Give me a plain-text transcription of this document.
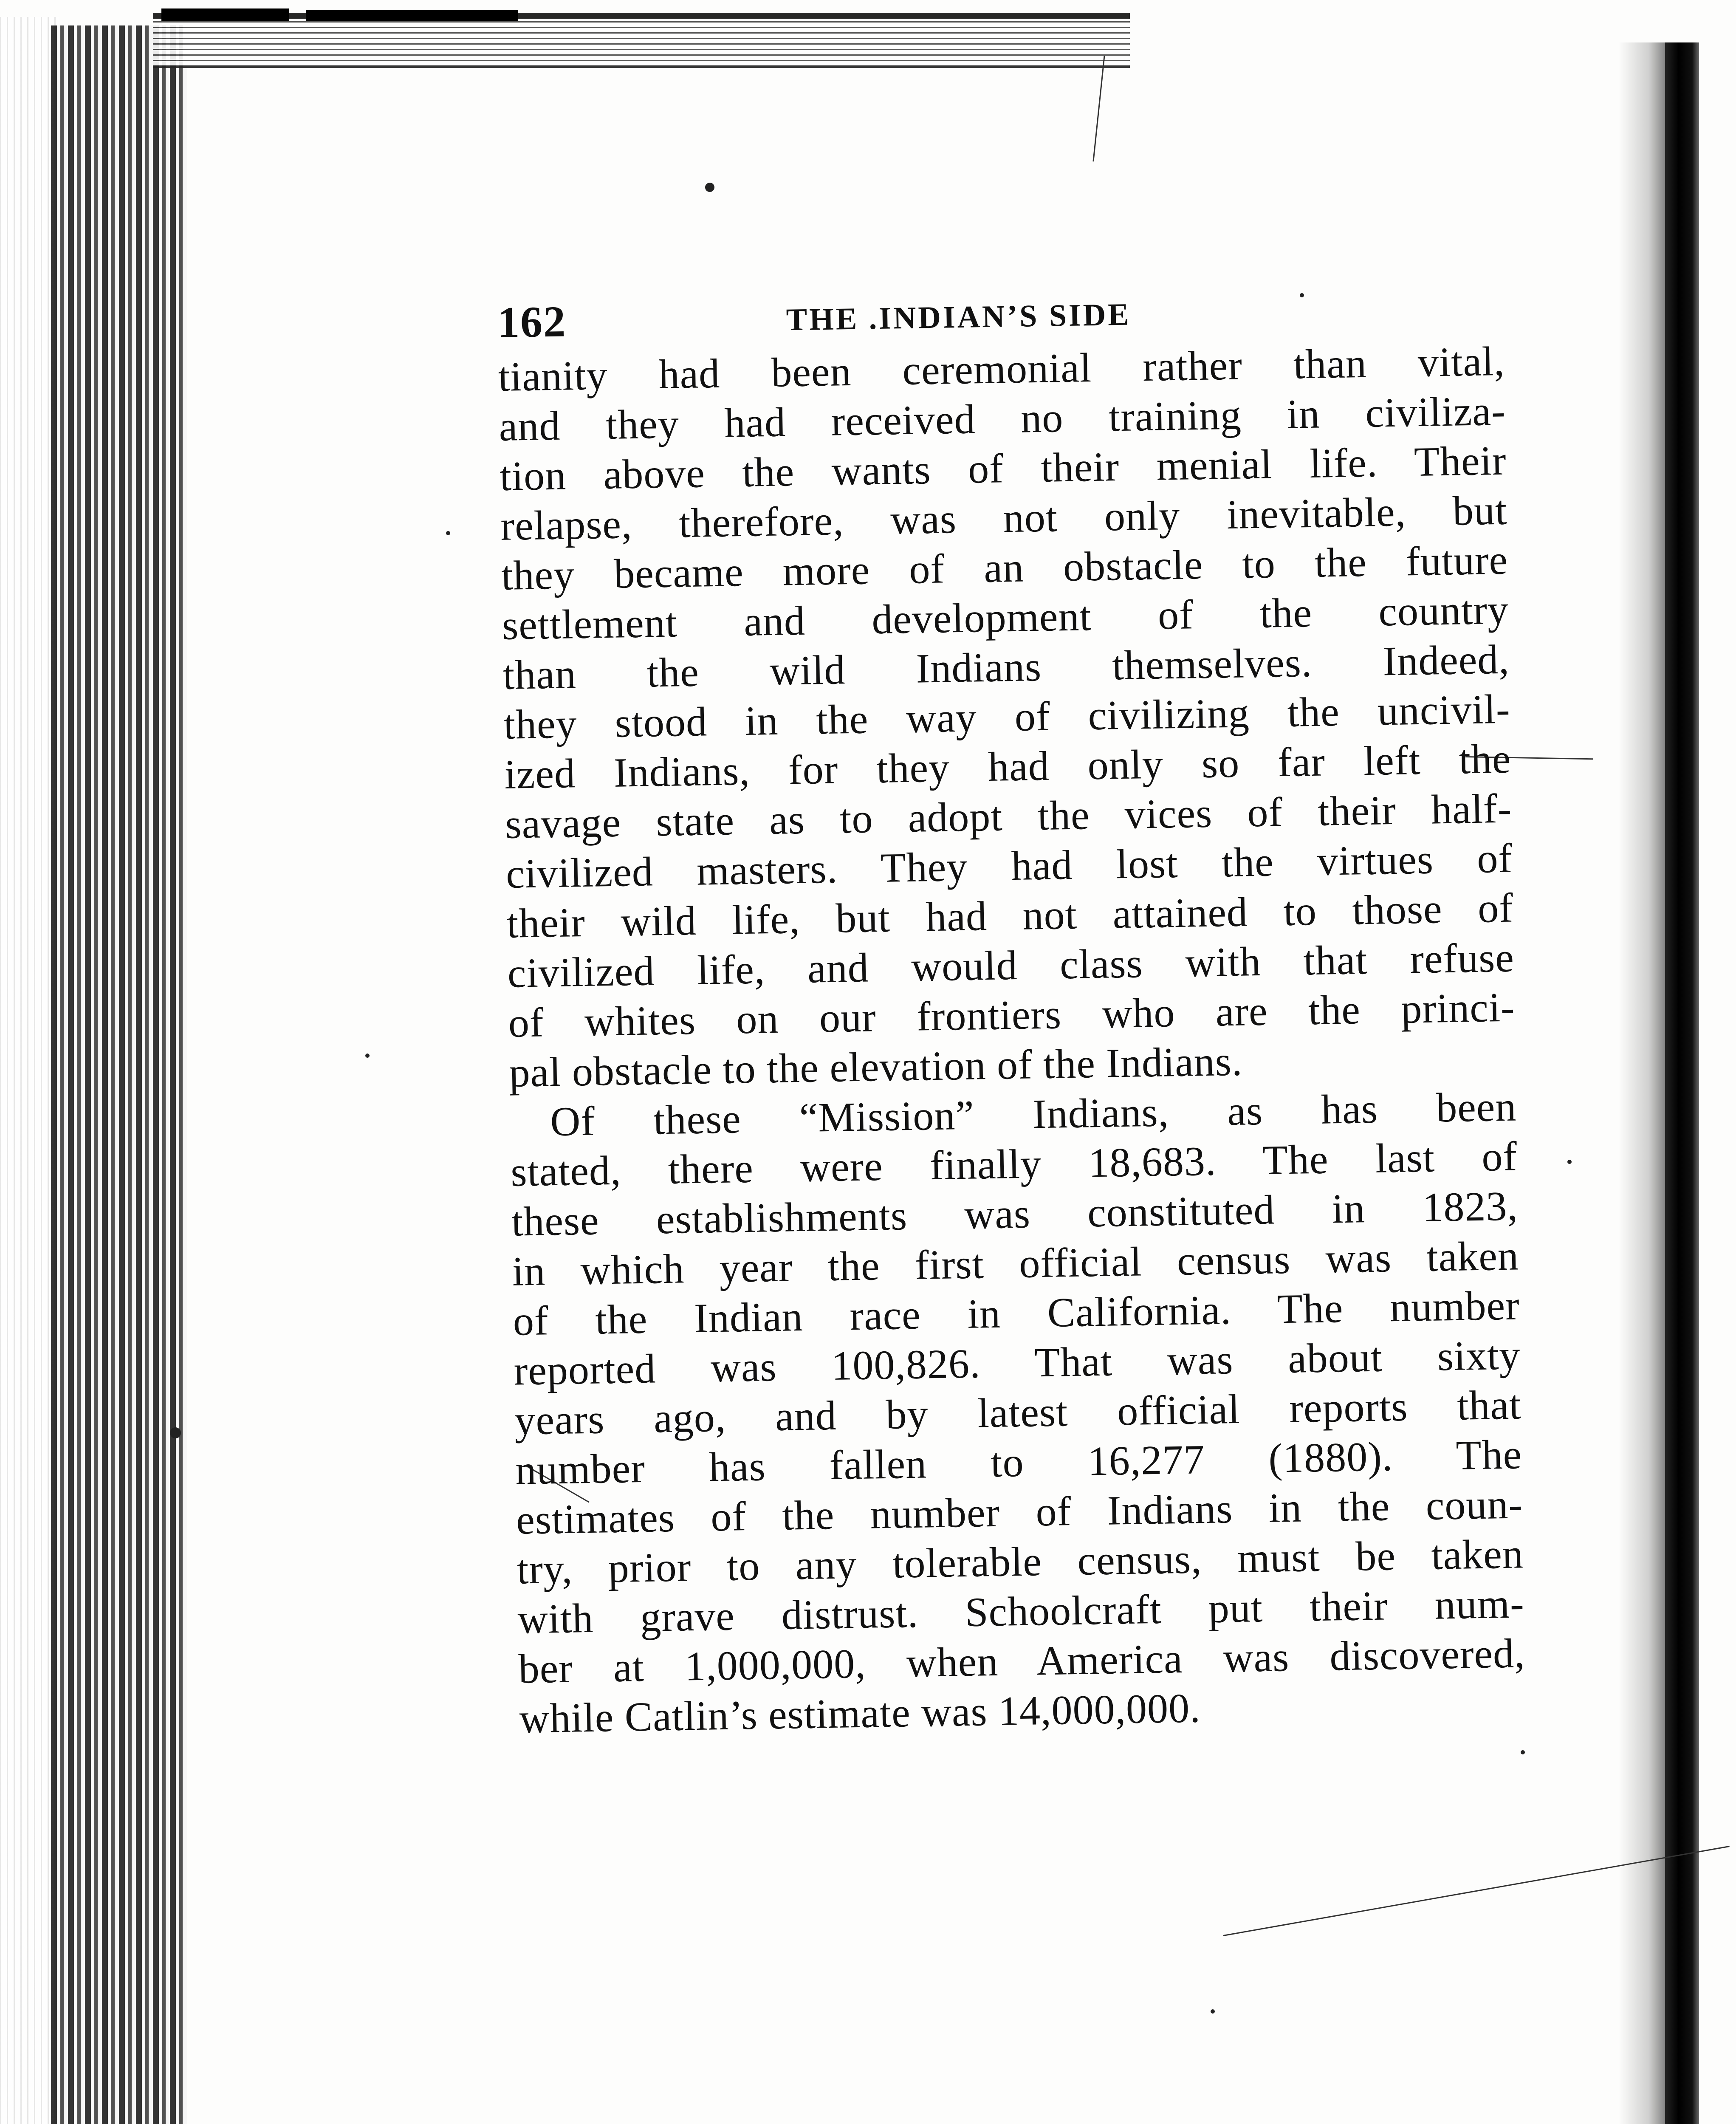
162	THE .INDIAN’S SIDE
tianity had been ceremonial rather than vital,
and they had received no training in civiliza-
tion above the wants of their menial life. Their
relapse, therefore, was not only inevitable, but
they became more of an obstacle to the future
settlement and development of the country
than the wild Indians themselves. Indeed,
they stood in the way of civilizing the uncivil-
ized Indians, for they had only so far left the
savage state as to adopt the vices of their half-
civilized masters. They had lost the virtues of
their wild life, but had not attained to those of
civilized life, and would class with that refuse
of whites on our frontiers who are the princi-
pal obstacle to the elevation of the Indians.
Of these “Mission” Indians, as has been
stated, there were finally 18,683. The last of
these establishments was constituted in 1823,
in which year the first official census was taken
of the Indian race in California. The number
reported was 100,826. That was about sixty
years ago, and by latest official reports that
number has fallen to 16,277 (1880). The
estimates of the number of Indians in the coun-
try, prior to any tolerable census, must be taken
with grave distrust. Schoolcraft put their num-
ber at 1,000,000, when America was discovered,
while Catlin’s estimate was 14,000,000.
